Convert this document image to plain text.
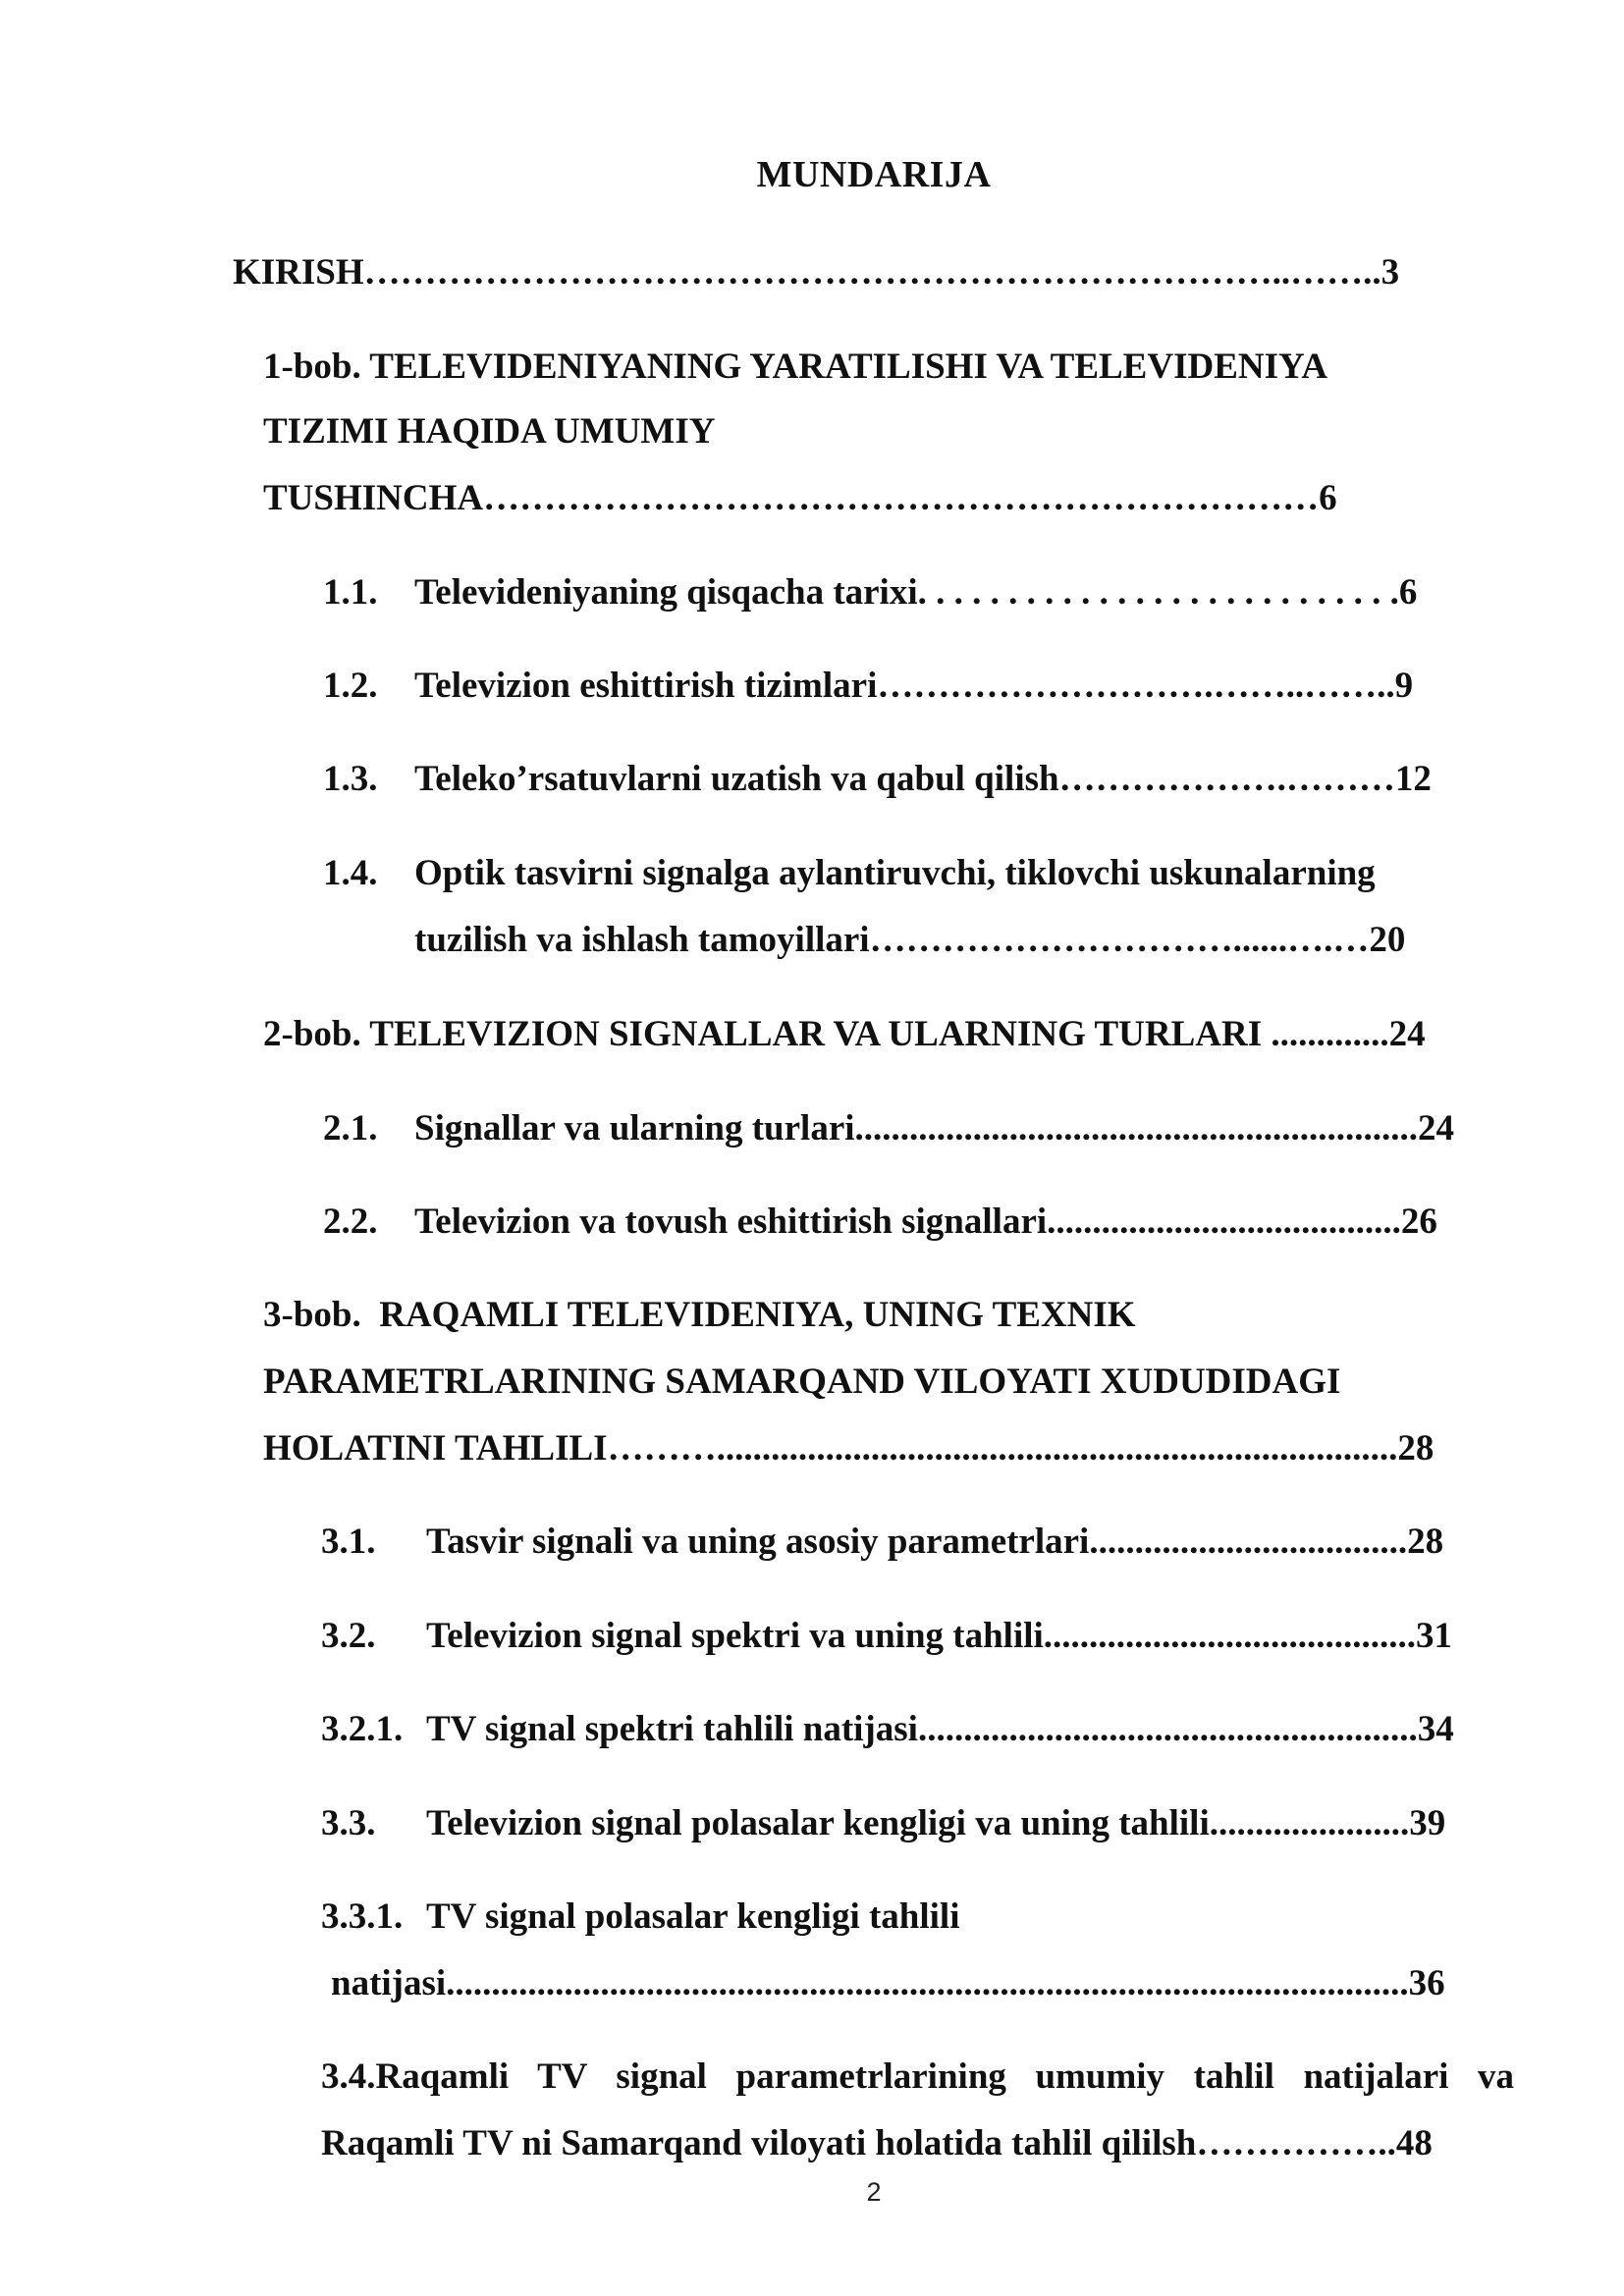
MUNDARIJA
KIRISH…………………………………………………………………..……..3
1-bob. TELEVIDENIYANING YARATILISHI VA TELEVIDENIYA
TIZIMI HAQIDA UMUMIY
TUSHINCHA……………………………………………………………6
1.1. Televideniyaning qisqacha tarixi. . . . . . . . . . . . . . . . . . . . . . . . . . .6
1.2. Televizion eshittirish tizimlari……………………….……..……..9
1.3. Teleko’rsatuvlarni uzatish va qabul qilish……………….………12
1.4. Optik tasvirni signalga aylantiruvchi, tiklovchi uskunalarning
tuzilish va ishlash tamoyillari…………………………......….…20
2-bob. TELEVIZION SIGNALLAR VA ULARNING TURLARI .............24
2.1. Signallar va ularning turlari..............................................................24
2.2. Televizion va tovush eshittirish signallari.......................................26
3-bob.  RAQAMLI TELEVIDENIYA, UNING TEXNIK
PARAMETRLARINING SAMARQAND VILOYATI XUDUDIDAGI
HOLATINI TAHLILI………...........................................................................28
3.1. Tasvir signali va uning asosiy parametrlari...................................28
3.2. Televizion signal spektri va uning tahlili.........................................31
3.2.1. TV signal spektri tahlili natijasi.......................................................34
3.3. Televizion signal polasalar kengligi va uning tahlili......................39
3.3.1. TV signal polasalar kengligi tahlili
natijasi..........................................................................................................36
3.4.Raqamli TV signal parametrlarining umumiy tahlil natijalari va
Raqamli TV ni Samarqand viloyati holatida tahlil qililsh……………..48
2
